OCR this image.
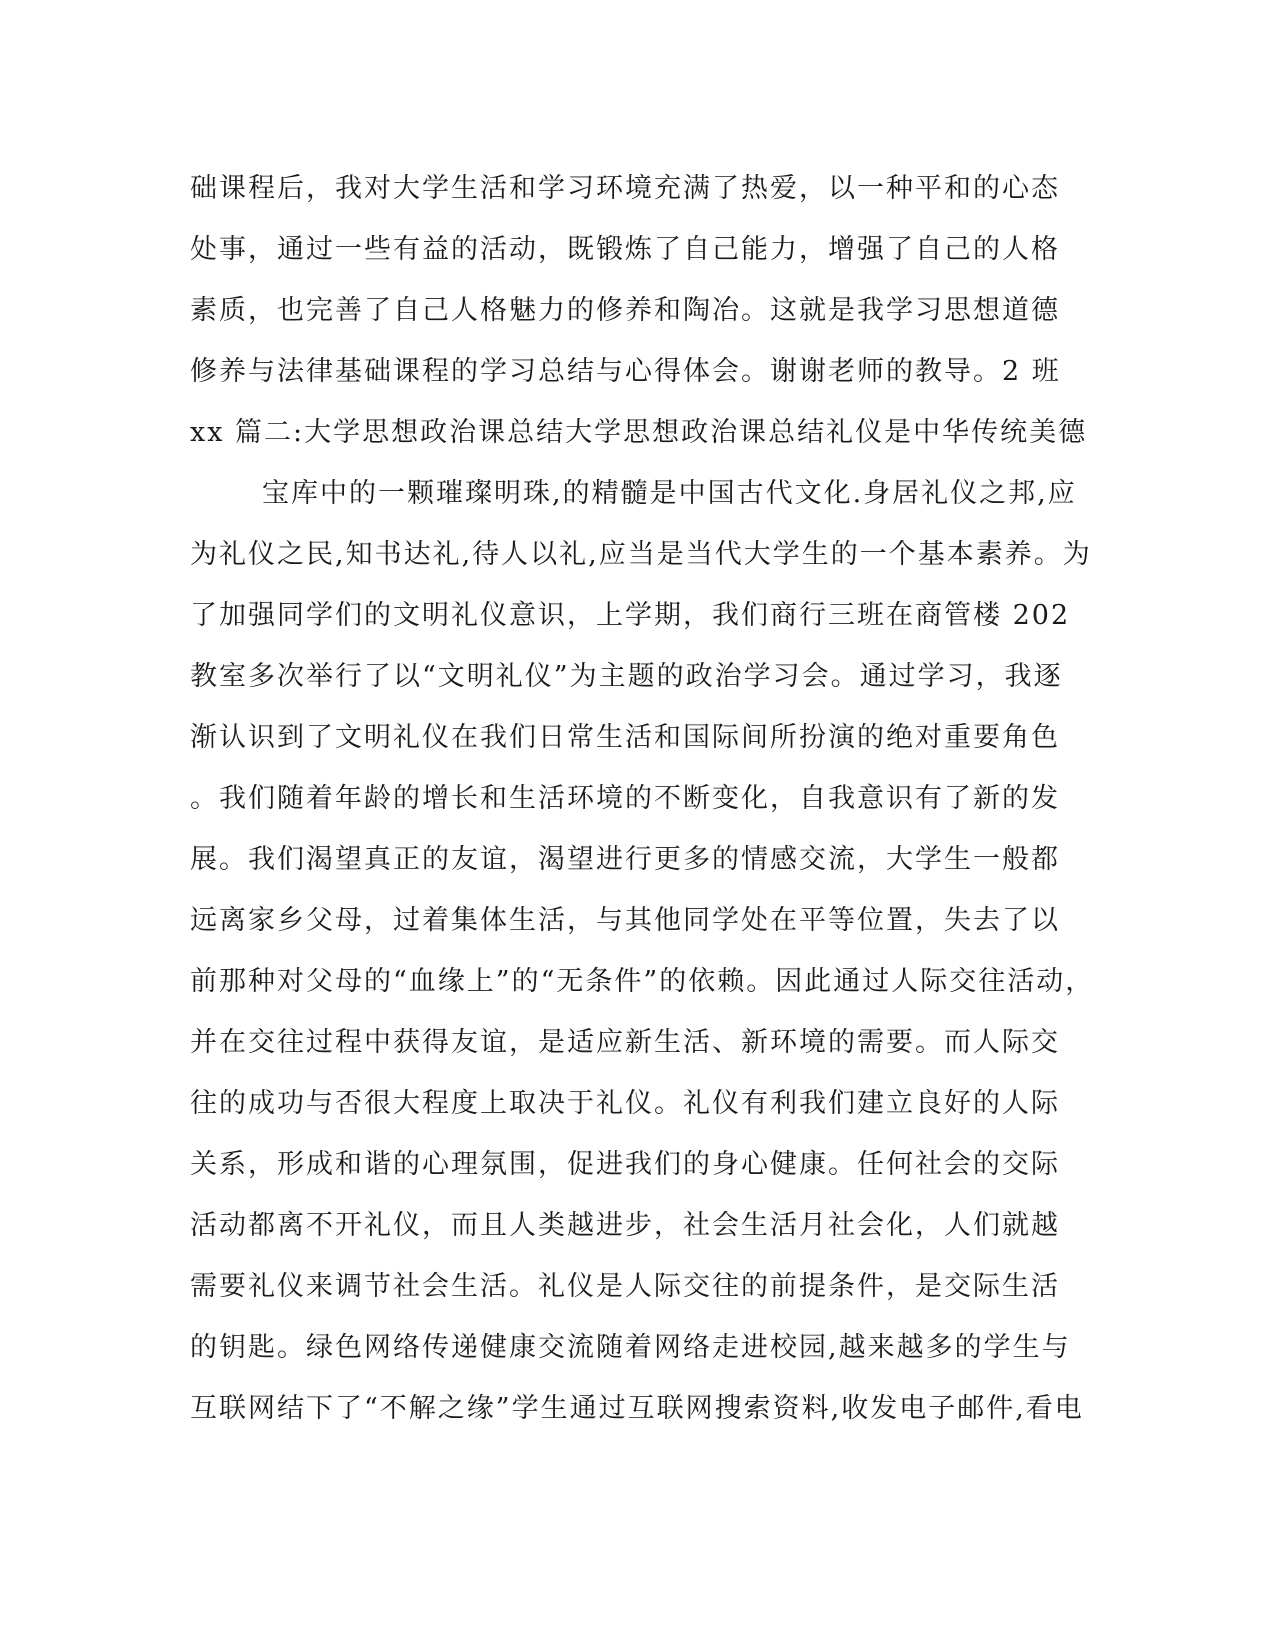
础课程后，我对大学生活和学习环境充满了热爱，以一种平和的心态
处事，通过一些有益的活动，既锻炼了自己能力，增强了自己的人格
素质，也完善了自己人格魅力的修养和陶冶。这就是我学习思想道德
修养与法律基础课程的学习总结与心得体会。谢谢老师的教导。2 班
xx 篇二:大学思想政治课总结大学思想政治课总结礼仪是中华传统美德
宝库中的一颗璀璨明珠,的精髓是中国古代文化.身居礼仪之邦,应
为礼仪之民,知书达礼,待人以礼,应当是当代大学生的一个基本素养。为
了加强同学们的文明礼仪意识，上学期，我们商行三班在商管楼 202
教室多次举行了以“文明礼仪”为主题的政治学习会。通过学习，我逐
渐认识到了文明礼仪在我们日常生活和国际间所扮演的绝对重要角色
。我们随着年龄的增长和生活环境的不断变化，自我意识有了新的发
展。我们渴望真正的友谊，渴望进行更多的情感交流，大学生一般都
远离家乡父母，过着集体生活，与其他同学处在平等位置，失去了以
前那种对父母的“血缘上”的“无条件”的依赖。因此通过人际交往活动，
并在交往过程中获得友谊，是适应新生活、新环境的需要。而人际交
往的成功与否很大程度上取决于礼仪。礼仪有利我们建立良好的人际
关系，形成和谐的心理氛围，促进我们的身心健康。任何社会的交际
活动都离不开礼仪，而且人类越进步，社会生活月社会化，人们就越
需要礼仪来调节社会生活。礼仪是人际交往的前提条件，是交际生活
的钥匙。绿色网络传递健康交流随着网络走进校园,越来越多的学生与
互联网结下了“不解之缘”学生通过互联网搜索资料,收发电子邮件,看电
